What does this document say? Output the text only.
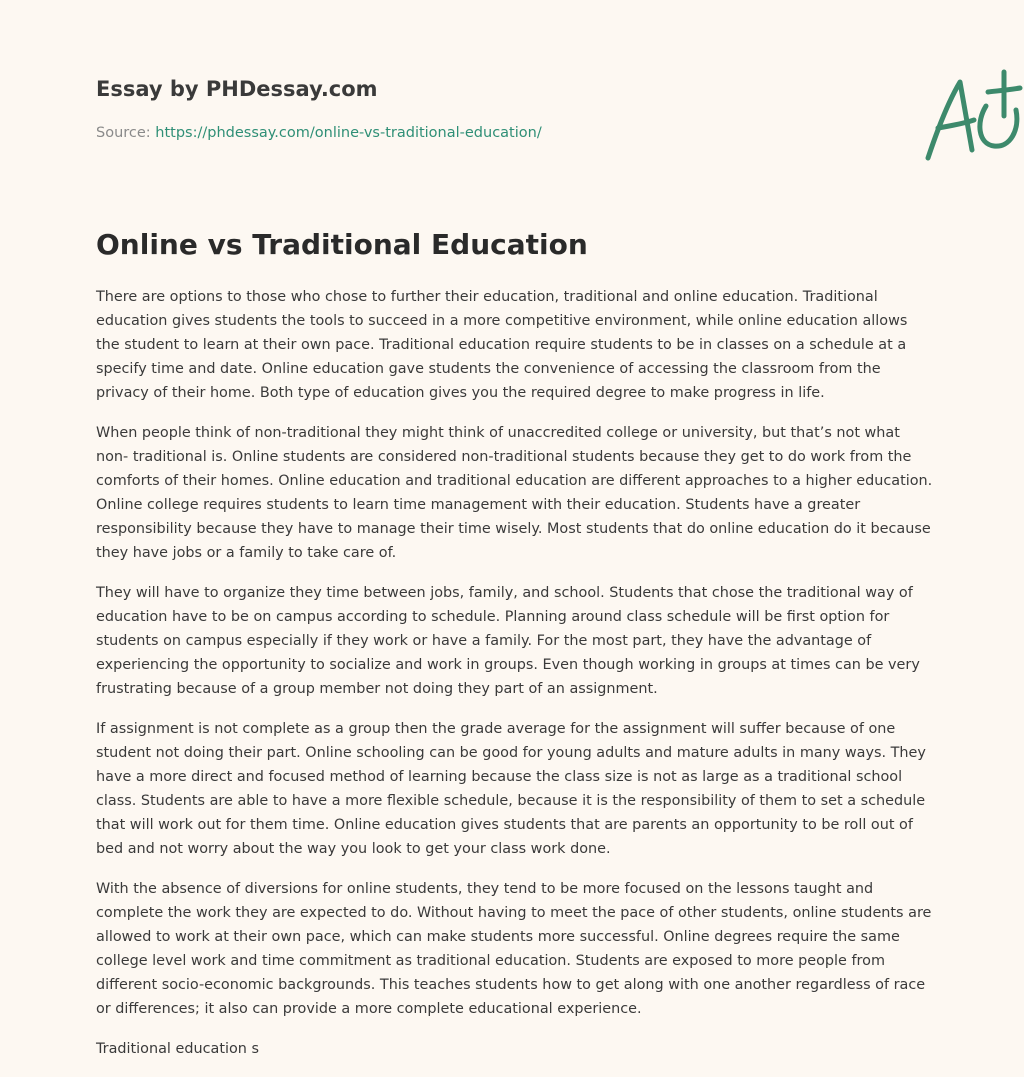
Essay by PHDessay.com
Source: https://phdessay.com/online-vs-traditional-education/
Online vs Traditional Education

There are options to those who chose to further their education, traditional and online education. Traditional education gives students the tools to succeed in a more competitive environment, while online education allows the student to learn at their own pace. Traditional education require students to be in classes on a schedule at a specify time and date. Online education gave students the convenience of accessing the classroom from the privacy of their home. Both type of education gives you the required degree to make progress in life.

When people think of non-traditional they might think of unaccredited college or university, but that’s not what non- traditional is. Online students are considered non-traditional students because they get to do work from the comforts of their homes. Online education and traditional education are different approaches to a higher education. Online college requires students to learn time management with their education. Students have a greater responsibility because they have to manage their time wisely. Most students that do online education do it because they have jobs or a family to take care of.

They will have to organize they time between jobs, family, and school. Students that chose the traditional way of education have to be on campus according to schedule. Planning around class schedule will be first option for students on campus especially if they work or have a family. For the most part, they have the advantage of experiencing the opportunity to socialize and work in groups. Even though working in groups at times can be very frustrating because of a group member not doing they part of an assignment.

If assignment is not complete as a group then the grade average for the assignment will suffer because of one student not doing their part. Online schooling can be good for young adults and mature adults in many ways. They have a more direct and focused method of learning because the class size is not as large as a traditional school class. Students are able to have a more flexible schedule, because it is the responsibility of them to set a schedule that will work out for them time. Online education gives students that are parents an opportunity to be roll out of bed and not worry about the way you look to get your class work done.

With the absence of diversions for online students, they tend to be more focused on the lessons taught and complete the work they are expected to do. Without having to meet the pace of other students, online students are allowed to work at their own pace, which can make students more successful. Online degrees require the same college level work and time commitment as traditional education. Students are exposed to more people from different socio-economic backgrounds. This teaches students how to get along with one another regardless of race or differences; it also can provide a more complete educational experience.

Traditional education s
